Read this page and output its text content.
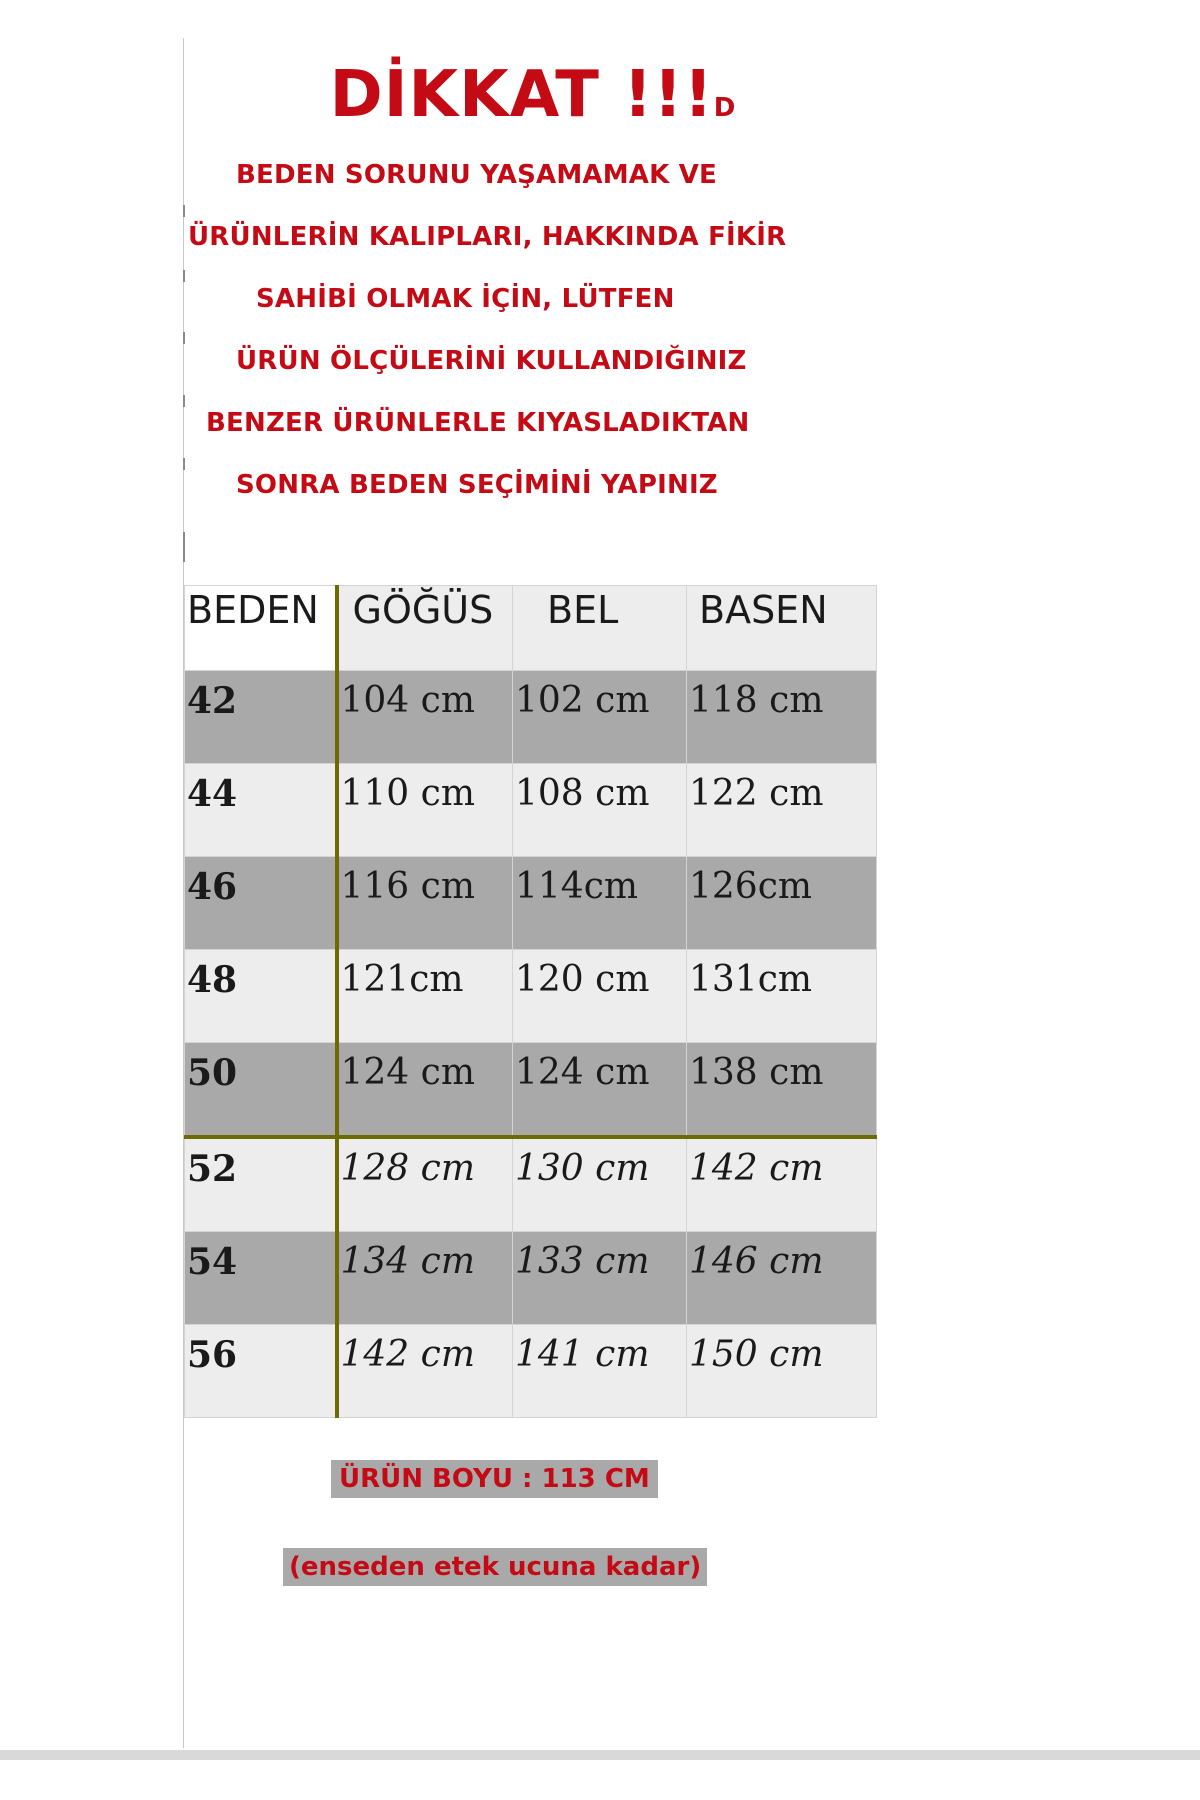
DİKKAT !!!D
BEDEN SORUNU YAŞAMAMAK VE
ÜRÜNLERİN KALIPLARI, HAKKINDA FİKİR
SAHİBİ OLMAK İÇİN, LÜTFEN
ÜRÜN ÖLÇÜLERİNİ KULLANDIĞINIZ
BENZER ÜRÜNLERLE KIYASLADIKTAN
SONRA BEDEN SEÇİMİNİ YAPINIZ
BEDEN	GÖĞÜS	BEL	BASEN
42	104 cm	102 cm	118 cm
44	110 cm	108 cm	122 cm
46	116 cm	114cm	126cm
48	121cm	120 cm	131cm
50	124 cm	124 cm	138 cm
52	128 cm	130 cm	142 cm
54	134 cm	133 cm	146 cm
56	142 cm	141 cm	150 cm
ÜRÜN BOYU : 113 CM
(enseden etek ucuna kadar)
